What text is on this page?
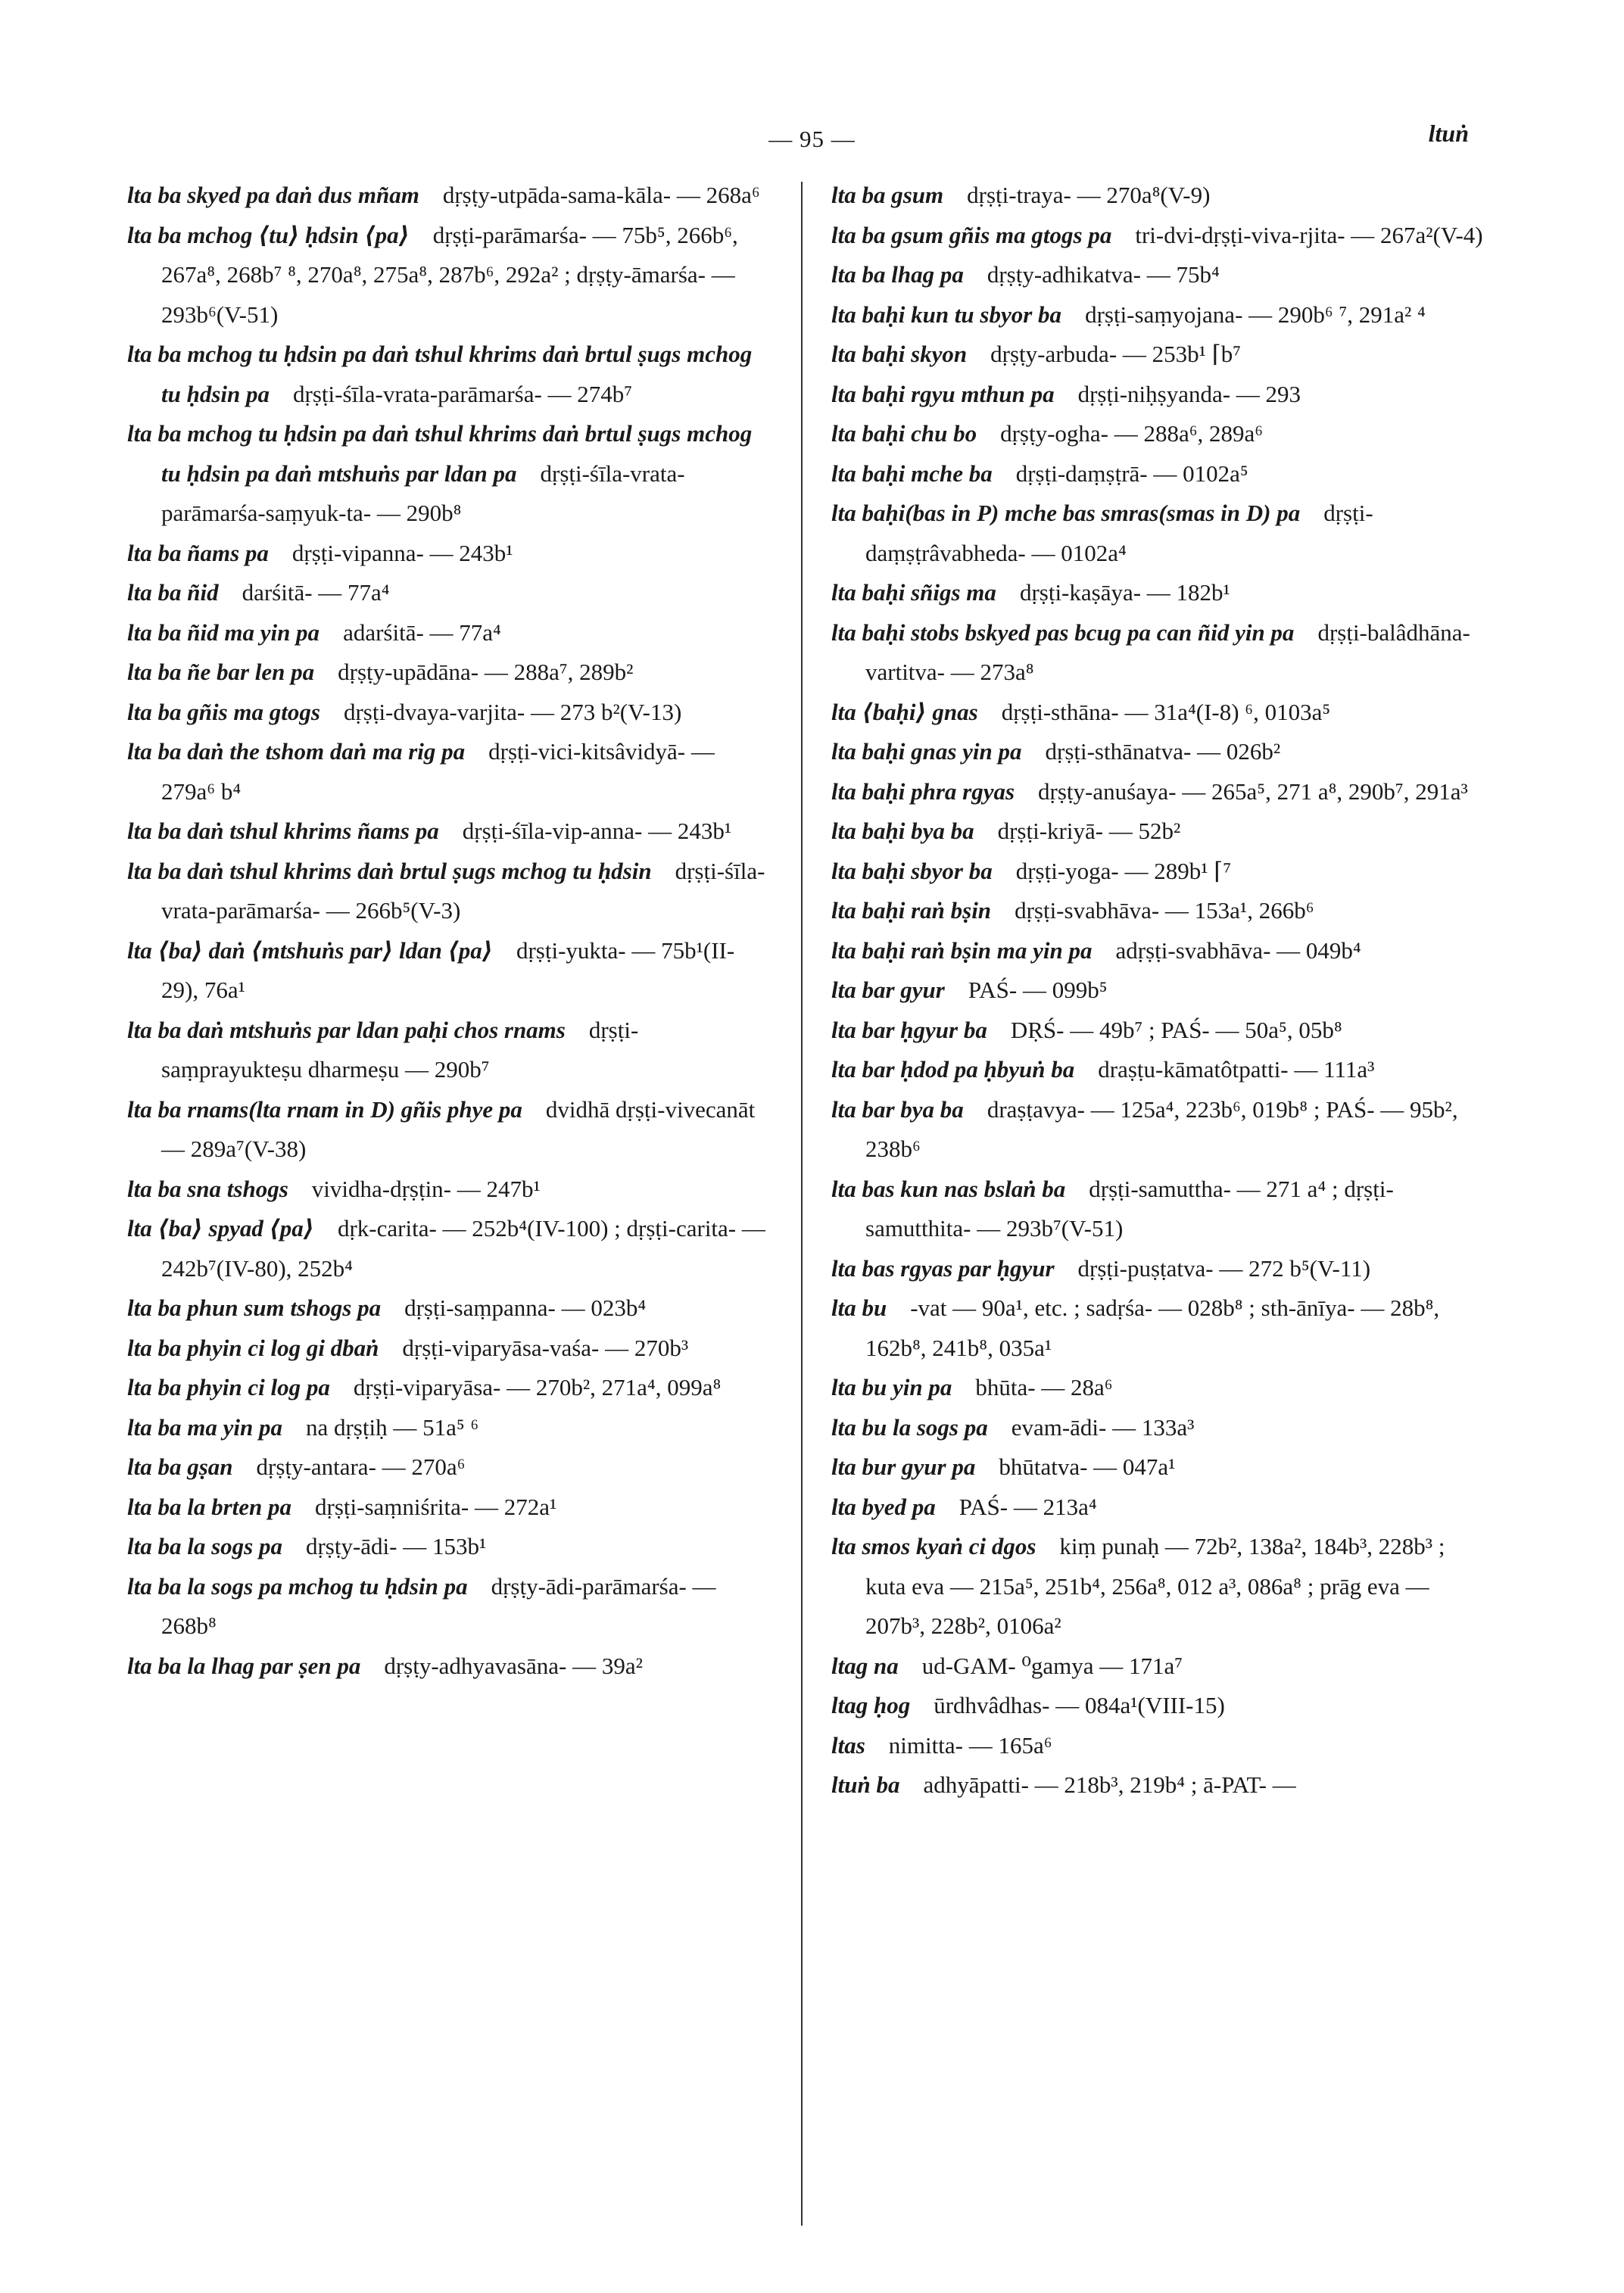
— 95 —	ltuṅ
lta ba skyed pa daṅ dus mñam  dṛṣṭy-utpāda-sama-kāla- — 268a⁶
lta ba mchog ⟨tu⟩ ḥdsin ⟨pa⟩  dṛṣṭi-parāmarśa- — 75b⁵, 266b⁶, 267a⁸, 268b⁷ ⁸, 270a⁸, 275a⁸, 287b⁶, 292a² ; dṛṣṭy-āmarśa- — 293b⁶(V-51)
lta ba mchog tu ḥdsin pa daṅ tshul khrims daṅ brtul ṣugs mchog tu ḥdsin pa  dṛṣṭi-śīla-vrata-parāmarśa- — 274b⁷
lta ba mchog tu ḥdsin pa daṅ tshul khrims daṅ brtul ṣugs mchog tu ḥdsin pa daṅ mtshuṅs par ldan pa  dṛṣṭi-śīla-vrata-parāmarśa-saṃyuk-ta- — 290b⁸
lta ba ñams pa  dṛṣṭi-vipanna- — 243b¹
lta ba ñid  darśitā- — 77a⁴
lta ba ñid ma yin pa  adarśitā- — 77a⁴
lta ba ñe bar len pa  dṛṣṭy-upādāna- — 288a⁷, 289b²
lta ba gñis ma gtogs  dṛṣṭi-dvaya-varjita- — 273 b²(V-13)
lta ba daṅ the tshom daṅ ma rig pa  dṛṣṭi-vici-kitsâvidyā- — 279a⁶ b⁴
lta ba daṅ tshul khrims ñams pa  dṛṣṭi-śīla-vip-anna- — 243b¹
lta ba daṅ tshul khrims daṅ brtul ṣugs mchog tu ḥdsin  dṛṣṭi-śīla-vrata-parāmarśa- — 266b⁵(V-3)
lta ⟨ba⟩ daṅ ⟨mtshuṅs par⟩ ldan ⟨pa⟩  dṛṣṭi-yukta- — 75b¹(II-29), 76a¹
lta ba daṅ mtshuṅs par ldan paḥi chos rnams  dṛṣṭi-saṃprayukteṣu dharmeṣu — 290b⁷
lta ba rnams(lta rnam in D) gñis phye pa  dvidhā dṛṣṭi-vivecanāt — 289a⁷(V-38)
lta ba sna tshogs  vividha-dṛṣṭin- — 247b¹
lta ⟨ba⟩ spyad ⟨pa⟩  dṛk-carita- — 252b⁴(IV-100) ; dṛṣṭi-carita- — 242b⁷(IV-80), 252b⁴
lta ba phun sum tshogs pa  dṛṣṭi-saṃpanna- — 023b⁴
lta ba phyin ci log gi dbaṅ  dṛṣṭi-viparyāsa-vaśa- — 270b³
lta ba phyin ci log pa  dṛṣṭi-viparyāsa- — 270b², 271a⁴, 099a⁸
lta ba ma yin pa  na dṛṣṭiḥ — 51a⁵ ⁶
lta ba gṣan  dṛṣṭy-antara- — 270a⁶
lta ba la brten pa  dṛṣṭi-saṃniśrita- — 272a¹
lta ba la sogs pa  dṛṣṭy-ādi- — 153b¹
lta ba la sogs pa mchog tu ḥdsin pa  dṛṣṭy-ādi-parāmarśa- — 268b⁸
lta ba la lhag par ṣen pa  dṛṣṭy-adhyavasāna- — 39a²
lta ba gsum  dṛṣṭi-traya- — 270a⁸(V-9)
lta ba gsum gñis ma gtogs pa  tri-dvi-dṛṣṭi-viva-rjita- — 267a²(V-4)
lta ba lhag pa  dṛṣṭy-adhikatva- — 75b⁴
lta baḥi kun tu sbyor ba  dṛṣṭi-saṃyojana- — 290b⁶ ⁷, 291a² ⁴
lta baḥi skyon  dṛṣṭy-arbuda- — 253b¹ ⌈b⁷
lta baḥi rgyu mthun pa  dṛṣṭi-niḥṣyanda- — 293
lta baḥi chu bo  dṛṣṭy-ogha- — 288a⁶, 289a⁶
lta baḥi mche ba  dṛṣṭi-daṃṣṭrā- — 0102a⁵
lta baḥi(bas in P) mche bas smras(smas in D) pa  dṛṣṭi-daṃṣṭrâvabheda- — 0102a⁴
lta baḥi sñigs ma  dṛṣṭi-kaṣāya- — 182b¹
lta baḥi stobs bskyed pas bcug pa can ñid yin pa  dṛṣṭi-balâdhāna-vartitva- — 273a⁸
lta ⟨baḥi⟩ gnas  dṛṣṭi-sthāna- — 31a⁴(I-8) ⁶, 0103a⁵
lta baḥi gnas yin pa  dṛṣṭi-sthānatva- — 026b²
lta baḥi phra rgyas  dṛṣṭy-anuśaya- — 265a⁵, 271 a⁸, 290b⁷, 291a³
lta baḥi bya ba  dṛṣṭi-kriyā- — 52b²
lta baḥi sbyor ba  dṛṣṭi-yoga- — 289b¹ ⌈⁷
lta baḥi raṅ bṣin  dṛṣṭi-svabhāva- — 153a¹, 266b⁶
lta baḥi raṅ bṣin ma yin pa  adṛṣṭi-svabhāva- — 049b⁴
lta bar gyur  PAŚ- — 099b⁵
lta bar ḥgyur ba  DṚŚ- — 49b⁷ ; PAŚ- — 50a⁵, 05b⁸
lta bar ḥdod pa ḥbyuṅ ba  draṣṭu-kāmatôtpatti- — 111a³
lta bar bya ba  draṣṭavya- — 125a⁴, 223b⁶, 019b⁸ ; PAŚ- — 95b², 238b⁶
lta bas kun nas bslaṅ ba  dṛṣṭi-samuttha- — 271 a⁴ ; dṛṣṭi-samutthita- — 293b⁷(V-51)
lta bas rgyas par ḥgyur  dṛṣṭi-puṣṭatva- — 272 b⁵(V-11)
lta bu  -vat — 90a¹, etc. ; sadṛśa- — 028b⁸ ; sth-ānīya- — 28b⁸, 162b⁸, 241b⁸, 035a¹
lta bu yin pa  bhūta- — 28a⁶
lta bu la sogs pa  evam-ādi- — 133a³
lta bur gyur pa  bhūtatva- — 047a¹
lta byed pa  PAŚ- — 213a⁴
lta smos kyaṅ ci dgos  kiṃ punaḥ — 72b², 138a², 184b³, 228b³ ; kuta eva — 215a⁵, 251b⁴, 256a⁸, 012 a³, 086a⁸ ; prāg eva — 207b³, 228b², 0106a²
ltag na  ud-GAM- ⁰gamya — 171a⁷
ltag ḥog  ūrdhvâdhas- — 084a¹(VIII-15)
ltas  nimitta- — 165a⁶
ltuṅ ba  adhyāpatti- — 218b³, 219b⁴ ; ā-PAT- —
